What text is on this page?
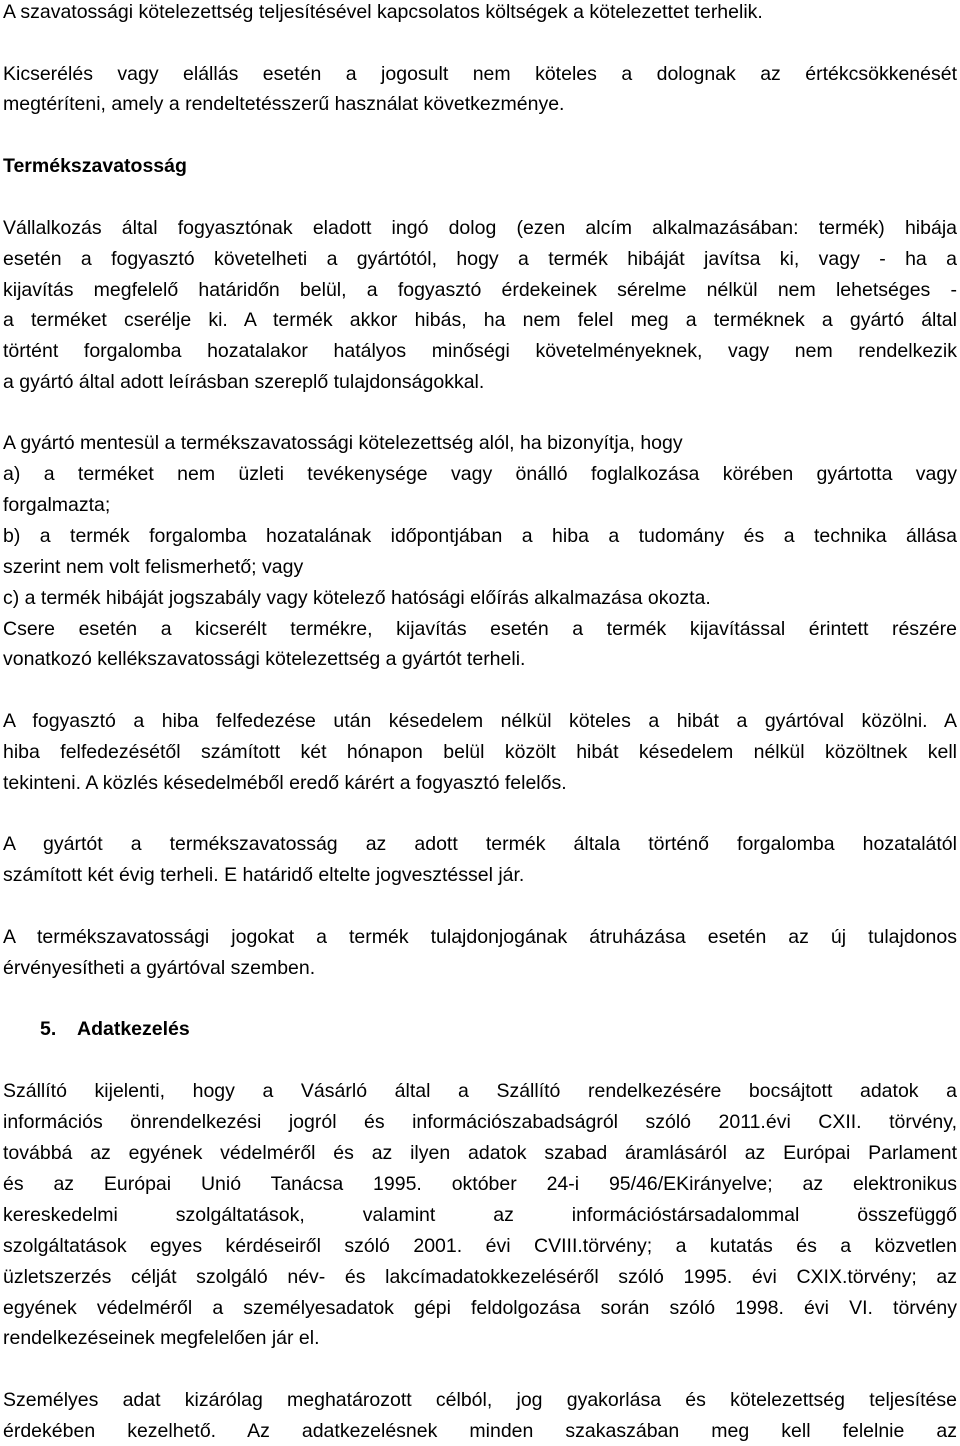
A szavatossági kötelezettség teljesítésével kapcsolatos költségek a kötelezettet terhelik.
Kicserélés vagy elállás esetén a jogosult nem köteles a dolognak az értékcsökkenését
megtéríteni, amely a rendeltetésszerű használat következménye.
Termékszavatosság
Vállalkozás által fogyasztónak eladott ingó dolog (ezen alcím alkalmazásában: termék) hibája
esetén a fogyasztó követelheti a gyártótól, hogy a termék hibáját javítsa ki, vagy - ha a
kijavítás megfelelő határidőn belül, a fogyasztó érdekeinek sérelme nélkül nem lehetséges -
a terméket cserélje ki. A termék akkor hibás, ha nem felel meg a terméknek a gyártó által
történt forgalomba hozatalakor hatályos minőségi követelményeknek, vagy nem rendelkezik
a gyártó által adott leírásban szereplő tulajdonságokkal.
A gyártó mentesül a termékszavatossági kötelezettség alól, ha bizonyítja, hogy
a) a terméket nem üzleti tevékenysége vagy önálló foglalkozása körében gyártotta vagy
forgalmazta;
b) a termék forgalomba hozatalának időpontjában a hiba a tudomány és a technika állása
szerint nem volt felismerhető; vagy
c) a termék hibáját jogszabály vagy kötelező hatósági előírás alkalmazása okozta.
Csere esetén a kicserélt termékre, kijavítás esetén a termék kijavítással érintett részére
vonatkozó kellékszavatossági kötelezettség a gyártót terheli.
A fogyasztó a hiba felfedezése után késedelem nélkül köteles a hibát a gyártóval közölni. A
hiba felfedezésétől számított két hónapon belül közölt hibát késedelem nélkül közöltnek kell
tekinteni. A közlés késedelméből eredő kárért a fogyasztó felelős.
A gyártót a termékszavatosság az adott termék általa történő forgalomba hozatalától
számított két évig terheli. E határidő eltelte jogvesztéssel jár.
A termékszavatossági jogokat a termék tulajdonjogának átruházása esetén az új tulajdonos
érvényesítheti a gyártóval szemben.
5. Adatkezelés
Szállító kijelenti, hogy a Vásárló által a Szállító rendelkezésére bocsájtott adatok a
információs önrendelkezési jogról és információszabadságról szóló 2011.évi CXII. törvény,
továbbá az egyének védelméről és az ilyen adatok szabad áramlásáról az Európai Parlament
és az Európai Unió Tanácsa 1995. október 24-i 95/46/EKirányelve; az elektronikus
kereskedelmi szolgáltatások, valamint az információstársadalommal összefüggő
szolgáltatások egyes kérdéseiről szóló 2001. évi CVIII.törvény; a kutatás és a közvetlen
üzletszerzés célját szolgáló név- és lakcímadatokkezeléséről szóló 1995. évi CXIX.törvény; az
egyének védelméről a személyesadatok gépi feldolgozása során szóló 1998. évi VI. törvény
rendelkezéseinek megfelelően jár el.
Személyes adat kizárólag meghatározott célból, jog gyakorlása és kötelezettség teljesítése
érdekében kezelhető. Az adatkezelésnek minden szakaszában meg kell felelnie az
